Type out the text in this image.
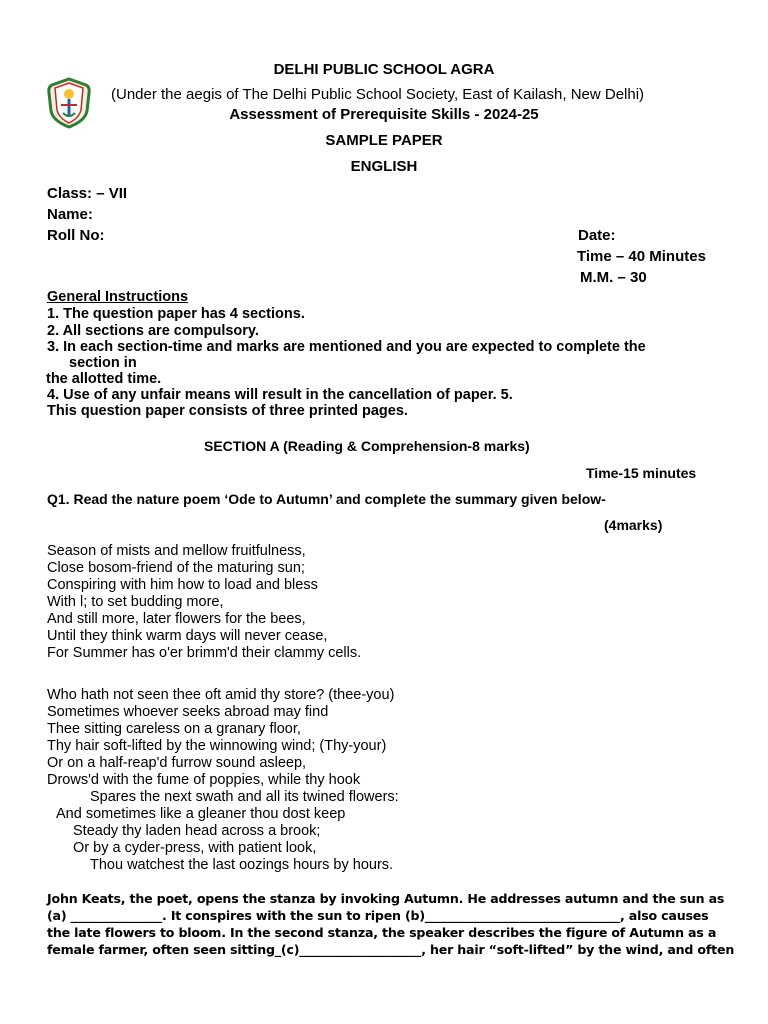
DELHI PUBLIC SCHOOL AGRA
(Under the aegis of The Delhi Public School Society, East of Kailash, New Delhi)
Assessment of Prerequisite Skills - 2024-25
SAMPLE PAPER
ENGLISH
Class: – VII
Name:
Roll No:	Date:
Time – 40 Minutes
M.M. – 30
General Instructions
1. The question paper has 4 sections.
2. All sections are compulsory.
3. In each section-time and marks are mentioned and you are expected to complete the
section in
the allotted time.
4. Use of any unfair means will result in the cancellation of paper. 5.
This question paper consists of three printed pages.
SECTION A (Reading & Comprehension-8 marks)
Time-15 minutes
Q1. Read the nature poem ‘Ode to Autumn’ and complete the summary given below-
(4marks)
Season of mists and mellow fruitfulness,
Close bosom-friend of the maturing sun;
Conspiring with him how to load and bless
With l; to set budding more,
And still more, later flowers for the bees,
Until they think warm days will never cease,
For Summer has o'er brimm'd their clammy cells.
Who hath not seen thee oft amid thy store? (thee-you)
Sometimes whoever seeks abroad may find
Thee sitting careless on a granary floor,
Thy hair soft-lifted by the winnowing wind; (Thy-your)
Or on a half-reap'd furrow sound asleep,
Drows'd with the fume of poppies, while thy hook
Spares the next swath and all its twined flowers:
And sometimes like a gleaner thou dost keep
Steady thy laden head across a brook;
Or by a cyder-press, with patient look,
Thou watchest the last oozings hours by hours.
John Keats, the poet, opens the stanza by invoking Autumn. He addresses autumn and the sun as
(a) _______________. It conspires with the sun to ripen (b)________________________________, also causes
the late flowers to bloom. In the second stanza, the speaker describes the figure of Autumn as a
female farmer, often seen sitting_(c)____________________, her hair “soft-lifted” by the wind, and often
